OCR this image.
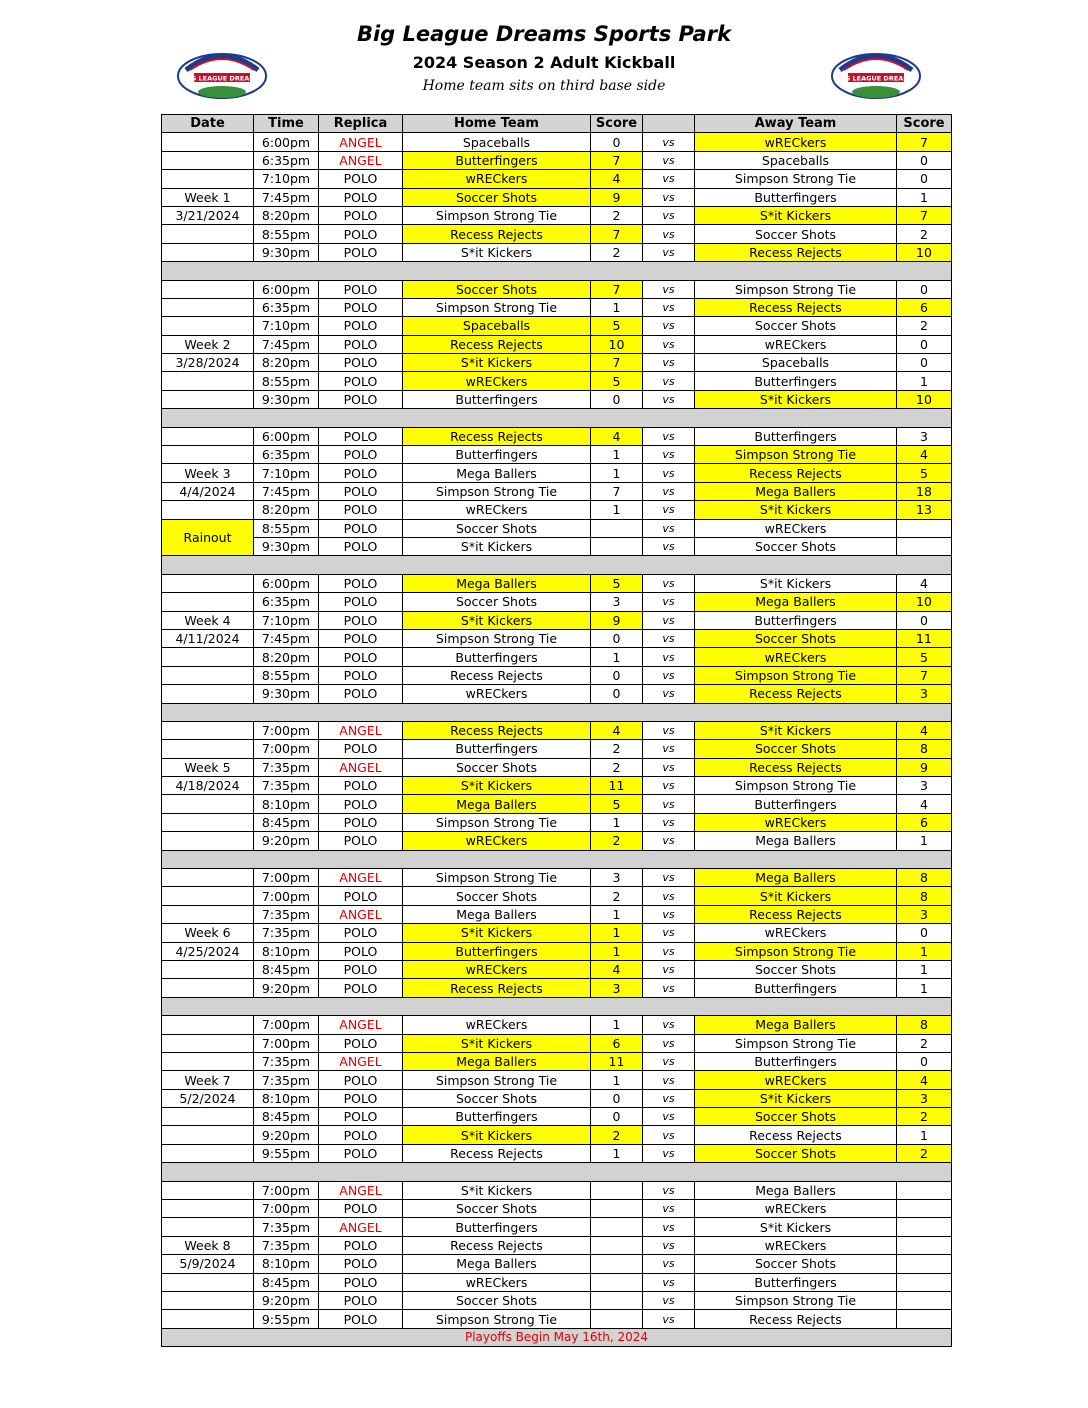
Big League Dreams Sports Park
2024 Season 2 Adult Kickball
Home team sits on third base side
BIG LEAGUE DREAMS	BIG LEAGUE DREAMS
Date	Time	Replica	Home Team	Score		Away Team	Score
	6:00pm	ANGEL	Spaceballs	0	vs	wRECkers	7
	6:35pm	ANGEL	Butterfingers	7	vs	Spaceballs	0
	7:10pm	POLO	wRECkers	4	vs	Simpson Strong Tie	0
Week 1	7:45pm	POLO	Soccer Shots	9	vs	Butterfingers	1
3/21/2024	8:20pm	POLO	Simpson Strong Tie	2	vs	S*it Kickers	7
	8:55pm	POLO	Recess Rejects	7	vs	Soccer Shots	2
	9:30pm	POLO	S*it Kickers	2	vs	Recess Rejects	10

	6:00pm	POLO	Soccer Shots	7	vs	Simpson Strong Tie	0
	6:35pm	POLO	Simpson Strong Tie	1	vs	Recess Rejects	6
	7:10pm	POLO	Spaceballs	5	vs	Soccer Shots	2
Week 2	7:45pm	POLO	Recess Rejects	10	vs	wRECkers	0
3/28/2024	8:20pm	POLO	S*it Kickers	7	vs	Spaceballs	0
	8:55pm	POLO	wRECkers	5	vs	Butterfingers	1
	9:30pm	POLO	Butterfingers	0	vs	S*it Kickers	10

	6:00pm	POLO	Recess Rejects	4	vs	Butterfingers	3
	6:35pm	POLO	Butterfingers	1	vs	Simpson Strong Tie	4
Week 3	7:10pm	POLO	Mega Ballers	1	vs	Recess Rejects	5
4/4/2024	7:45pm	POLO	Simpson Strong Tie	7	vs	Mega Ballers	18
	8:20pm	POLO	wRECkers	1	vs	S*it Kickers	13
Rainout	8:55pm	POLO	Soccer Shots		vs	wRECkers	
	9:30pm	POLO	S*it Kickers		vs	Soccer Shots	

	6:00pm	POLO	Mega Ballers	5	vs	S*it Kickers	4
	6:35pm	POLO	Soccer Shots	3	vs	Mega Ballers	10
Week 4	7:10pm	POLO	S*it Kickers	9	vs	Butterfingers	0
4/11/2024	7:45pm	POLO	Simpson Strong Tie	0	vs	Soccer Shots	11
	8:20pm	POLO	Butterfingers	1	vs	wRECkers	5
	8:55pm	POLO	Recess Rejects	0	vs	Simpson Strong Tie	7
	9:30pm	POLO	wRECkers	0	vs	Recess Rejects	3

	7:00pm	ANGEL	Recess Rejects	4	vs	S*it Kickers	4
	7:00pm	POLO	Butterfingers	2	vs	Soccer Shots	8
Week 5	7:35pm	ANGEL	Soccer Shots	2	vs	Recess Rejects	9
4/18/2024	7:35pm	POLO	S*it Kickers	11	vs	Simpson Strong Tie	3
	8:10pm	POLO	Mega Ballers	5	vs	Butterfingers	4
	8:45pm	POLO	Simpson Strong Tie	1	vs	wRECkers	6
	9:20pm	POLO	wRECkers	2	vs	Mega Ballers	1

	7:00pm	ANGEL	Simpson Strong Tie	3	vs	Mega Ballers	8
	7:00pm	POLO	Soccer Shots	2	vs	S*it Kickers	8
	7:35pm	ANGEL	Mega Ballers	1	vs	Recess Rejects	3
Week 6	7:35pm	POLO	S*it Kickers	1	vs	wRECkers	0
4/25/2024	8:10pm	POLO	Butterfingers	1	vs	Simpson Strong Tie	1
	8:45pm	POLO	wRECkers	4	vs	Soccer Shots	1
	9:20pm	POLO	Recess Rejects	3	vs	Butterfingers	1

	7:00pm	ANGEL	wRECkers	1	vs	Mega Ballers	8
	7:00pm	POLO	S*it Kickers	6	vs	Simpson Strong Tie	2
	7:35pm	ANGEL	Mega Ballers	11	vs	Butterfingers	0
Week 7	7:35pm	POLO	Simpson Strong Tie	1	vs	wRECkers	4
5/2/2024	8:10pm	POLO	Soccer Shots	0	vs	S*it Kickers	3
	8:45pm	POLO	Butterfingers	0	vs	Soccer Shots	2
	9:20pm	POLO	S*it Kickers	2	vs	Recess Rejects	1
	9:55pm	POLO	Recess Rejects	1	vs	Soccer Shots	2

	7:00pm	ANGEL	S*it Kickers		vs	Mega Ballers	
	7:00pm	POLO	Soccer Shots		vs	wRECkers	
	7:35pm	ANGEL	Butterfingers		vs	S*it Kickers	
Week 8	7:35pm	POLO	Recess Rejects		vs	wRECkers	
5/9/2024	8:10pm	POLO	Mega Ballers		vs	Soccer Shots	
	8:45pm	POLO	wRECkers		vs	Butterfingers	
	9:20pm	POLO	Soccer Shots		vs	Simpson Strong Tie	
	9:55pm	POLO	Simpson Strong Tie		vs	Recess Rejects	
Playoffs Begin May 16th, 2024							
